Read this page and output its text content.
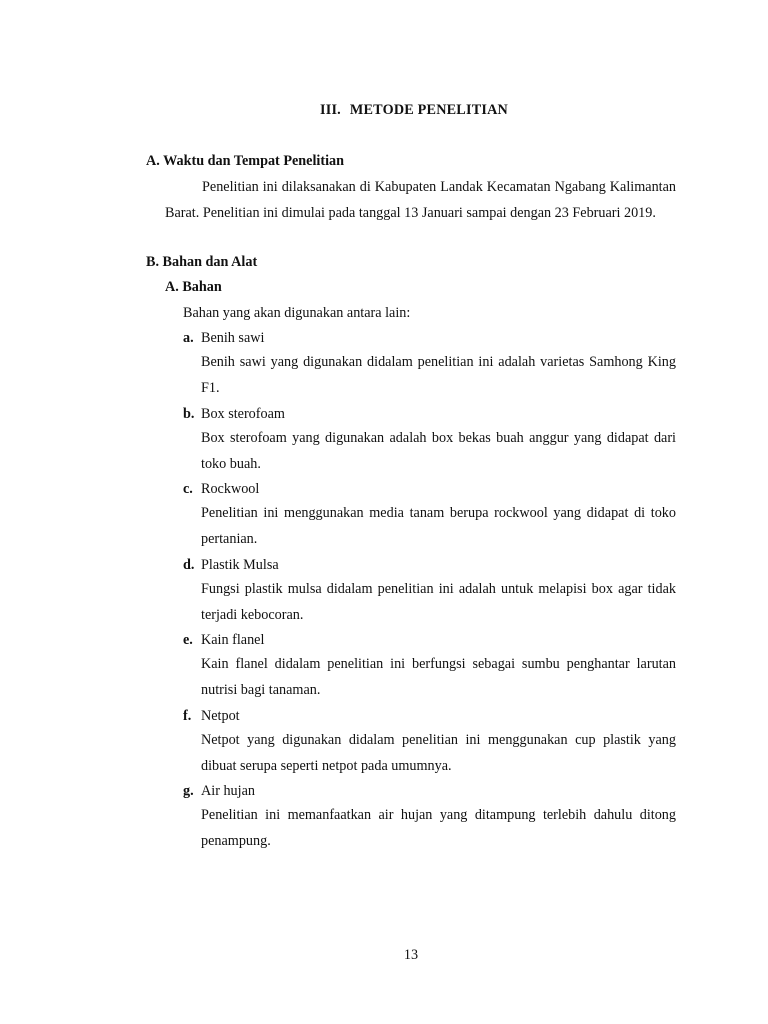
III. METODE PENELITIAN
A. Waktu dan Tempat Penelitian
Penelitian ini dilaksanakan di Kabupaten Landak Kecamatan Ngabang Kalimantan Barat. Penelitian ini dimulai pada tanggal 13 Januari sampai dengan 23 Februari 2019.
B. Bahan dan Alat
A. Bahan
Bahan yang akan digunakan antara lain:
a. Benih sawi
Benih sawi yang digunakan didalam penelitian ini adalah varietas Samhong King F1.
b. Box sterofoam
Box sterofoam yang digunakan adalah box bekas buah anggur yang didapat dari toko buah.
c. Rockwool
Penelitian ini menggunakan media tanam berupa rockwool yang didapat di toko pertanian.
d. Plastik Mulsa
Fungsi plastik mulsa didalam penelitian ini adalah untuk melapisi box agar tidak terjadi kebocoran.
e. Kain flanel
Kain flanel didalam penelitian ini berfungsi sebagai sumbu penghantar larutan nutrisi bagi tanaman.
f. Netpot
Netpot yang digunakan didalam penelitian ini menggunakan cup plastik yang dibuat serupa seperti netpot pada umumnya.
g. Air hujan
Penelitian ini memanfaatkan air hujan yang ditampung terlebih dahulu ditong penampung.
13
